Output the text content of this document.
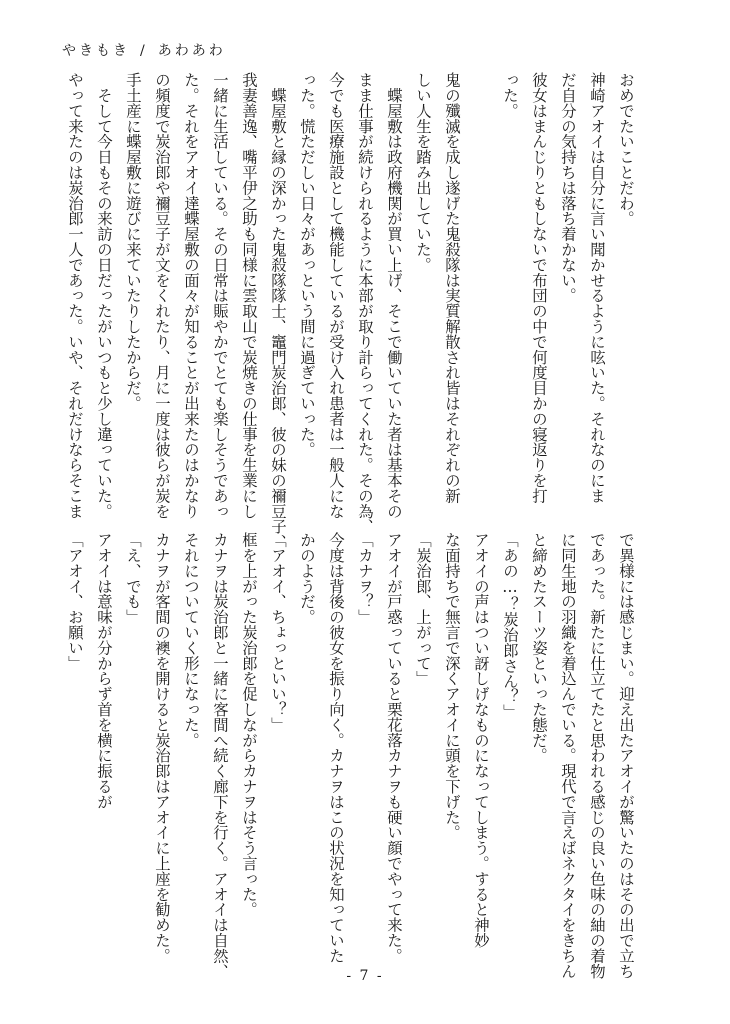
やきもき / あわあわ

おめでたいことだわ。

神崎アオイは自分に言い聞かせるように呟いた。それなのにま

だ自分の気持ちは落ち着かない。

彼女はまんじりともしないで布団の中で何度目かの寝返りを打

った。

鬼の殲滅を成し遂げた鬼殺隊は実質解散され皆はそれぞれの新

しい人生を踏み出していた。

　蝶屋敷は政府機関が買い上げ、そこで働いていた者は基本その

まま仕事が続けられるように本部が取り計らってくれた。その為、

今でも医療施設として機能しているが受け入れ患者は一般人にな

った。慌ただしい日々があっという間に過ぎていった。

　蝶屋敷と縁の深かった鬼殺隊隊士、竈門炭治郎、彼の妹の禰豆子、

我妻善逸、嘴平伊之助も同様に雲取山で炭焼きの仕事を生業にし

一緒に生活している。その日常は賑やかでとても楽しそうであっ

た。それをアオイ達蝶屋敷の面々が知ることが出来たのはかなり

の頻度で炭治郎や禰豆子が文をくれたり、月に一度は彼らが炭を

手土産に蝶屋敷に遊びに来ていたりしたからだ。

　そして今日もその来訪の日だったがいつもと少し違っていた。

やって来たのは炭治郎一人であった。いや、それだけならそこま

で異様には感じまい。迎え出たアオイが驚いたのはその出で立ち

であった。新たに仕立てたと思われる感じの良い色味の紬の着物

に同生地の羽織を着込んでいる。現代で言えばネクタイをきちん

と締めたスーツ姿といった態だ。

「あの…？炭治郎さん？」

アオイの声はつい訝しげなものになってしまう。すると神妙

な面持ちで無言で深くアオイに頭を下げた。

「炭治郎、上がって」

アオイが戸惑っていると栗花落カナヲも硬い顔でやって来た。

「カナヲ？」

今度は背後の彼女を振り向く。カナヲはこの状況を知っていた

かのようだ。

「アオイ、ちょっといい？」

框を上がった炭治郎を促しながらカナヲはそう言った。

カナヲは炭治郎と一緒に客間へ続く廊下を行く。アオイは自然、

それについていく形になった。

カナヲが客間の襖を開けると炭治郎はアオイに上座を勧めた。

「え、でも」

アオイは意味が分からず首を横に振るが

「アオイ、お願い」

- 7 -
